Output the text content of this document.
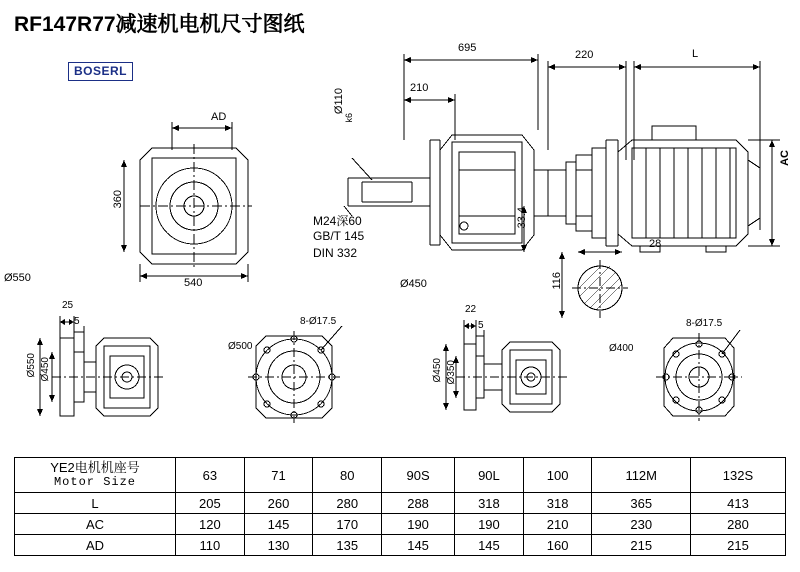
RF147R77减速机电机尺寸图纸
BOSERL
695
220	L
210
Ø110
k6
AC
AD
360
540
33.4
28
116
M24深60
GB/T 145
DIN 332
Ø550	Ø450
25
5
Ø550 Ø450
8-Ø17.5
Ø500
22
5
Ø450 Ø350
8-Ø17.5
Ø400
YE2电机机座号
Motor Size	63	71	80	90S	90L	100	112M	132S
L	205	260	280	288	318	318	365	413
AC	120	145	170	190	190	210	230	280
AD	110	130	135	145	145	160	215	215
